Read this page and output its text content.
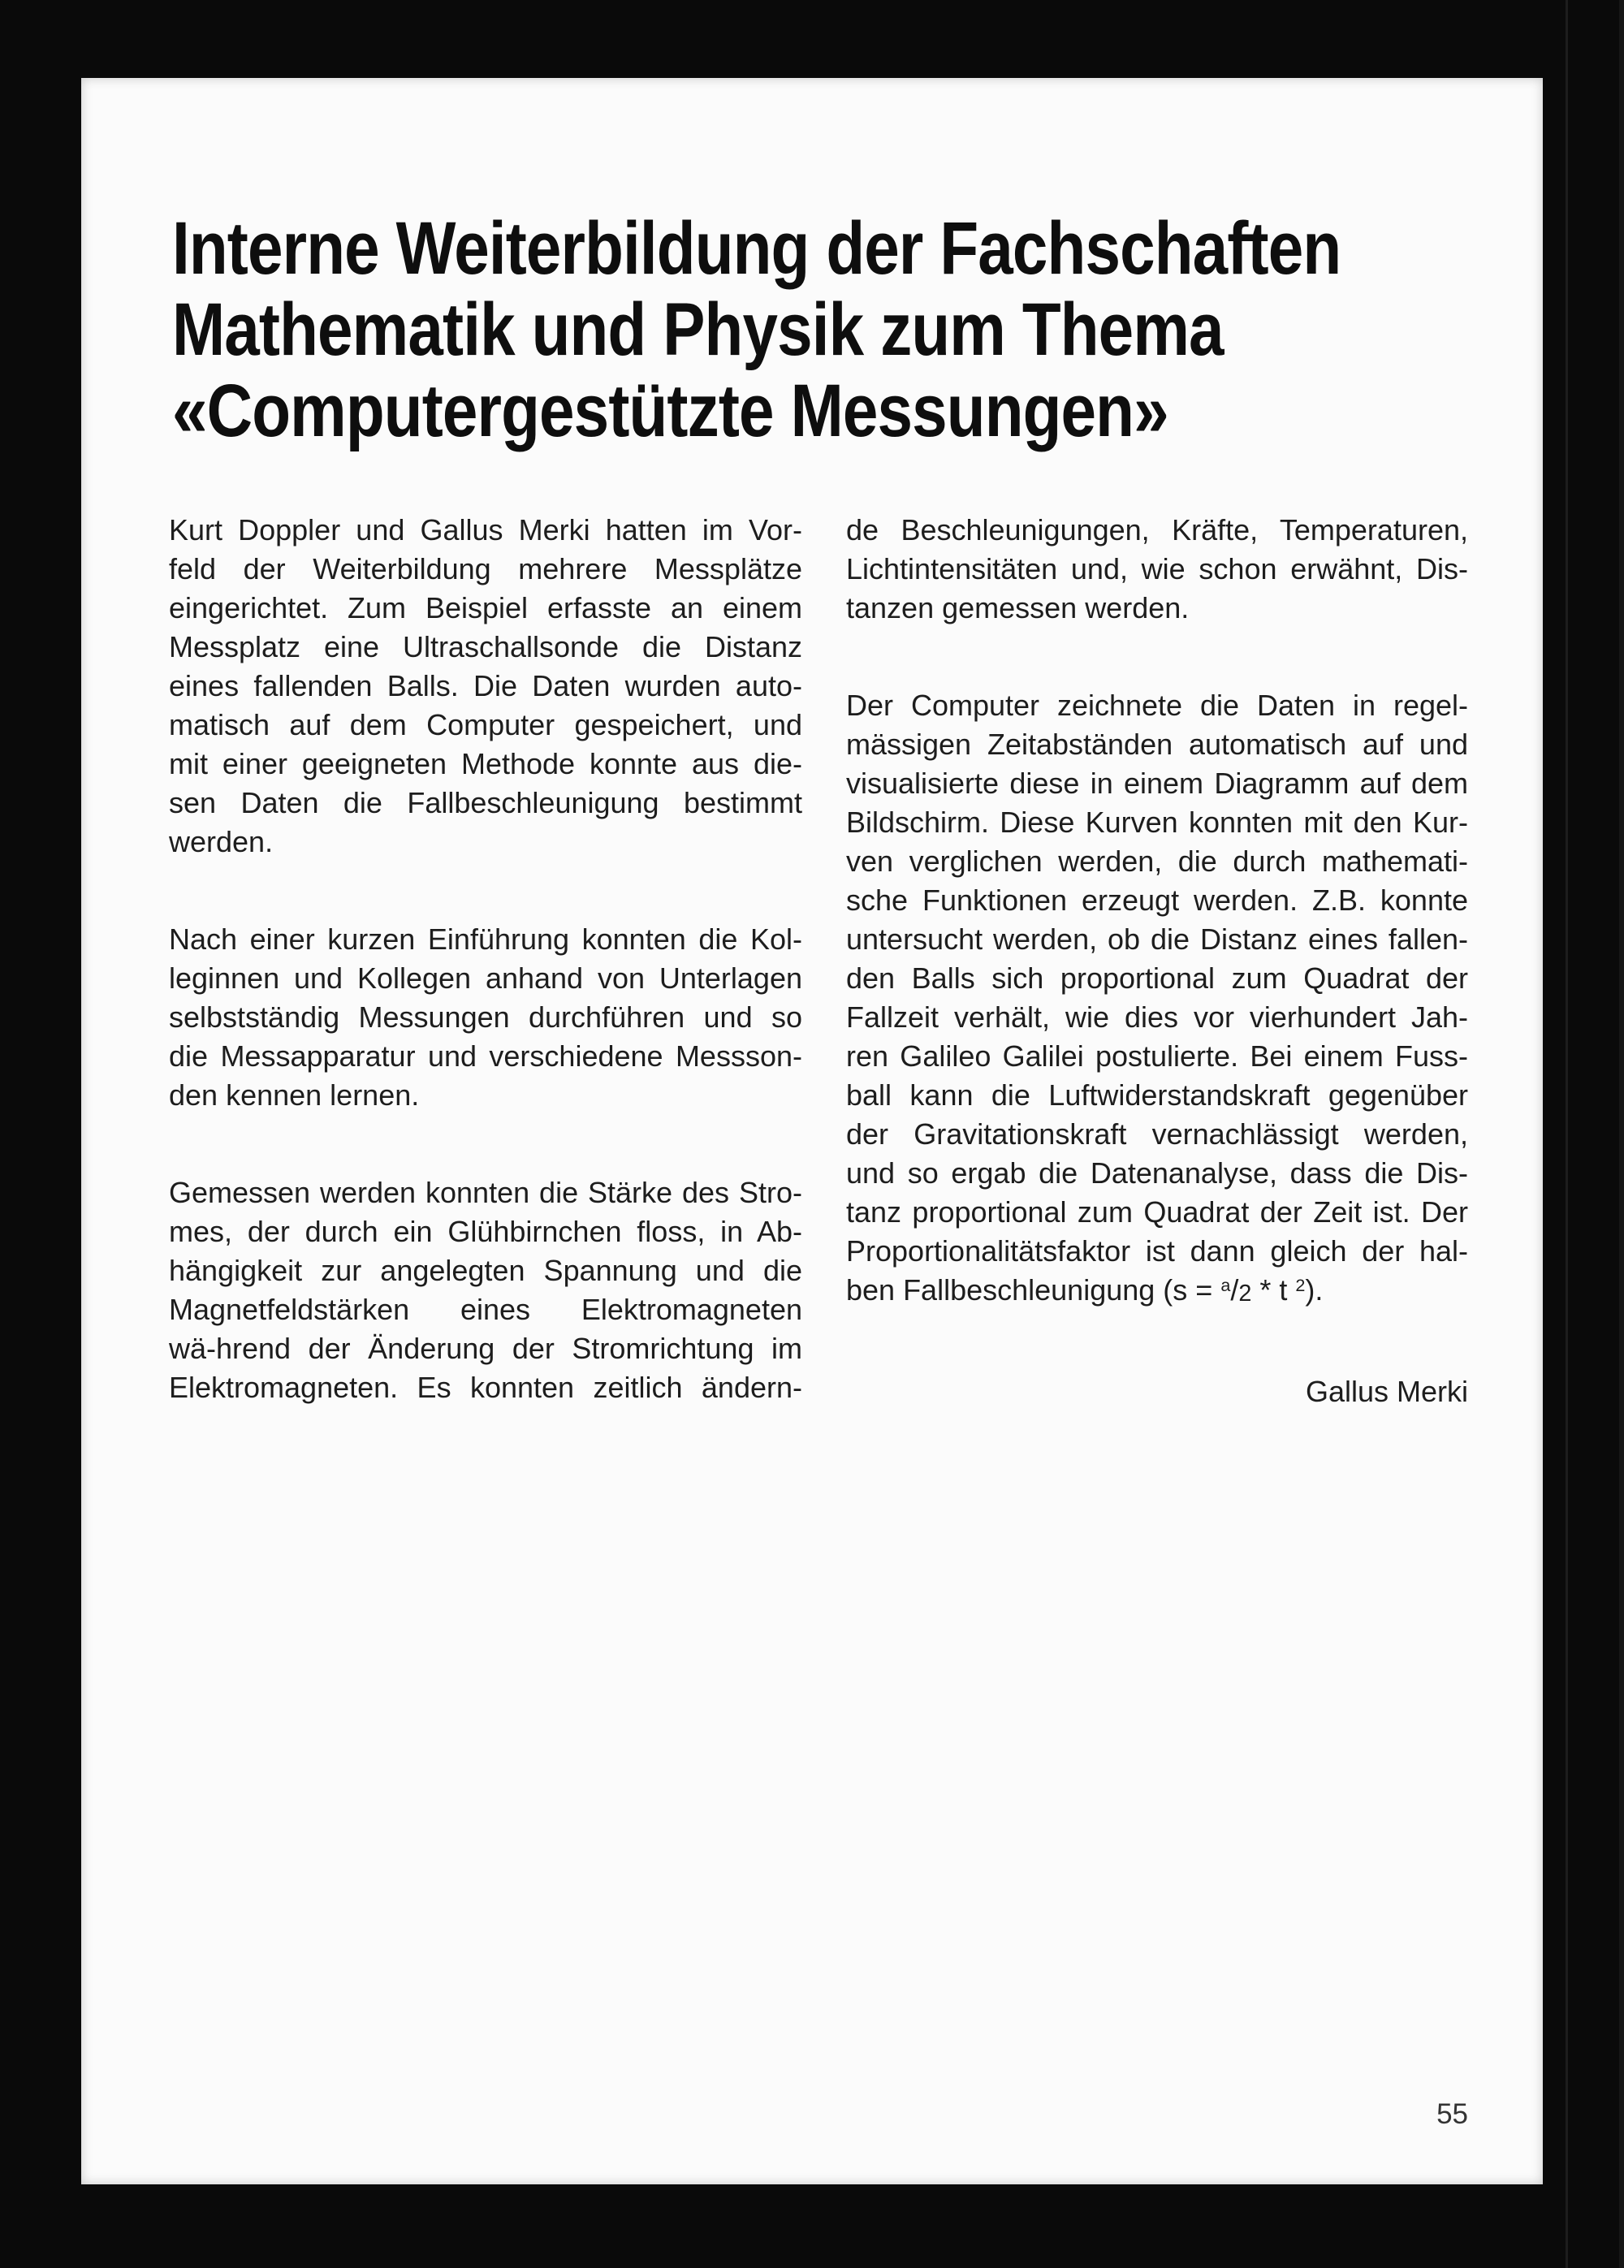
Interne Weiterbildung der Fachschaften
Mathematik und Physik zum Thema
«Computergestützte Messungen»
Kurt Doppler und Gallus Merki hatten im Vor-
feld der Weiterbildung mehrere Messplätze
eingerichtet. Zum Beispiel erfasste an einem
Messplatz eine Ultraschallsonde die Distanz
eines fallenden Balls. Die Daten wurden auto-
matisch auf dem Computer gespeichert, und
mit einer geeigneten Methode konnte aus die-
sen Daten die Fallbeschleunigung bestimmt
werden.
Nach einer kurzen Einführung konnten die Kol-
leginnen und Kollegen anhand von Unterlagen
selbstständig Messungen durchführen und so
die Messapparatur und verschiedene Messson-
den kennen lernen.
Gemessen werden konnten die Stärke des Stro-
mes, der durch ein Glühbirnchen floss, in Ab-
hängigkeit zur angelegten Spannung und die
Magnetfeldstärken eines Elektromagneten
wä-hrend der Änderung der Stromrichtung im
Elektromagneten. Es konnten zeitlich ändern-
de Beschleunigungen, Kräfte, Temperaturen,
Lichtintensitäten und, wie schon erwähnt, Dis-
tanzen gemessen werden.
Der Computer zeichnete die Daten in regel-
mässigen Zeitabständen automatisch auf und
visualisierte diese in einem Diagramm auf dem
Bildschirm. Diese Kurven konnten mit den Kur-
ven verglichen werden, die durch mathemati-
sche Funktionen erzeugt werden. Z.B. konnte
untersucht werden, ob die Distanz eines fallen-
den Balls sich proportional zum Quadrat der
Fallzeit verhält, wie dies vor vierhundert Jah-
ren Galileo Galilei postulierte. Bei einem Fuss-
ball kann die Luftwiderstandskraft gegenüber
der Gravitationskraft vernachlässigt werden,
und so ergab die Datenanalyse, dass die Dis-
tanz proportional zum Quadrat der Zeit ist. Der
Proportionalitätsfaktor ist dann gleich der hal-
ben Fallbeschleunigung (s = $^a$/2 * t $^2$).
Gallus Merki
55
